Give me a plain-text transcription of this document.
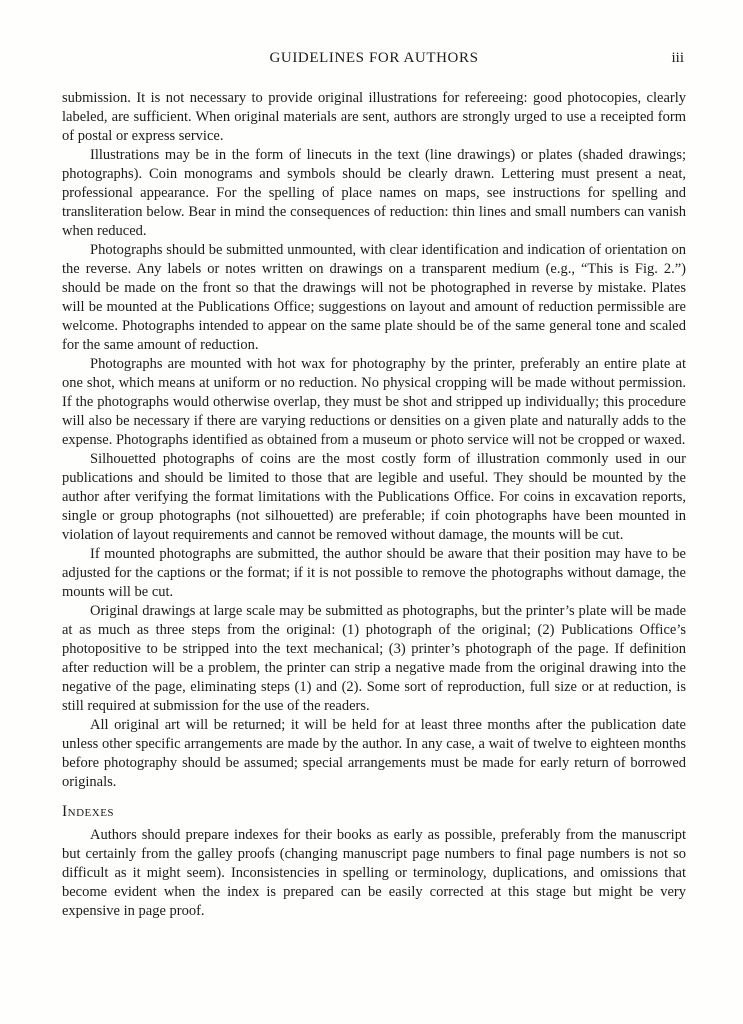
GUIDELINES FOR AUTHORS	iii

submission. It is not necessary to provide original illustrations for refereeing: good photocopies, clearly labeled, are sufficient. When original materials are sent, authors are strongly urged to use a receipted form of postal or express service.

Illustrations may be in the form of linecuts in the text (line drawings) or plates (shaded drawings; photographs). Coin monograms and symbols should be clearly drawn. Lettering must present a neat, professional appearance. For the spelling of place names on maps, see instructions for spelling and transliteration below. Bear in mind the consequences of reduction: thin lines and small numbers can vanish when reduced.

Photographs should be submitted unmounted, with clear identification and indication of orientation on the reverse. Any labels or notes written on drawings on a transparent medium (e.g., “This is Fig. 2.”) should be made on the front so that the drawings will not be photographed in reverse by mistake. Plates will be mounted at the Publications Office; suggestions on layout and amount of reduction permissible are welcome. Photographs intended to appear on the same plate should be of the same general tone and scaled for the same amount of reduction.

Photographs are mounted with hot wax for photography by the printer, preferably an entire plate at one shot, which means at uniform or no reduction. No physical cropping will be made without permission. If the photographs would otherwise overlap, they must be shot and stripped up individually; this procedure will also be necessary if there are varying reductions or densities on a given plate and naturally adds to the expense. Photographs identified as obtained from a museum or photo service will not be cropped or waxed.

Silhouetted photographs of coins are the most costly form of illustration commonly used in our publications and should be limited to those that are legible and useful. They should be mounted by the author after verifying the format limitations with the Publications Office. For coins in excavation reports, single or group photographs (not silhouetted) are preferable; if coin photographs have been mounted in violation of layout requirements and cannot be removed without damage, the mounts will be cut.

If mounted photographs are submitted, the author should be aware that their position may have to be adjusted for the captions or the format; if it is not possible to remove the photographs without damage, the mounts will be cut.

Original drawings at large scale may be submitted as photographs, but the printer’s plate will be made at as much as three steps from the original: (1) photograph of the original; (2) Publications Office’s photopositive to be stripped into the text mechanical; (3) printer’s photograph of the page. If definition after reduction will be a problem, the printer can strip a negative made from the original drawing into the negative of the page, eliminating steps (1) and (2). Some sort of reproduction, full size or at reduction, is still required at submission for the use of the readers.

All original art will be returned; it will be held for at least three months after the publication date unless other specific arrangements are made by the author. In any case, a wait of twelve to eighteen months before photography should be assumed; special arrangements must be made for early return of borrowed originals.

Indexes

Authors should prepare indexes for their books as early as possible, preferably from the manuscript but certainly from the galley proofs (changing manuscript page numbers to final page numbers is not so difficult as it might seem). Inconsistencies in spelling or terminology, duplications, and omissions that become evident when the index is prepared can be easily corrected at this stage but might be very expensive in page proof.
